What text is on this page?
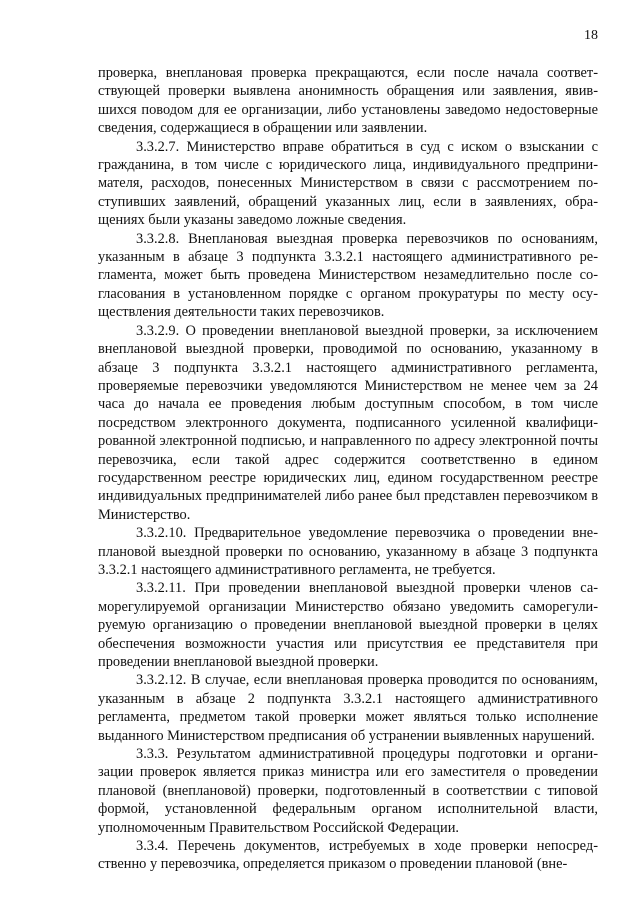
18

проверка, внеплановая проверка прекращаются, если после начала соответствующей проверки выявлена анонимность обращения или заявления, явившихся поводом для ее организации, либо установлены заведомо недостоверные сведения, содержащиеся в обращении или заявлении.

3.3.2.7. Министерство вправе обратиться в суд с иском о взыскании с гражданина, в том числе с юридического лица, индивидуального предпринимателя, расходов, понесенных Министерством в связи с рассмотрением поступивших заявлений, обращений указанных лиц, если в заявлениях, обращениях были указаны заведомо ложные сведения.

3.3.2.8. Внеплановая выездная проверка перевозчиков по основаниям, указанным в абзаце 3 подпункта 3.3.2.1 настоящего административного регламента, может быть проведена Министерством незамедлительно после согласования в установленном порядке с органом прокуратуры по месту осуществления деятельности таких перевозчиков.

3.3.2.9. О проведении внеплановой выездной проверки, за исключением внеплановой выездной проверки, проводимой по основанию, указанному в абзаце 3 подпункта 3.3.2.1 настоящего административного регламента, проверяемые перевозчики уведомляются Министерством не менее чем за 24 часа до начала ее проведения любым доступным способом, в том числе посредством электронного документа, подписанного усиленной квалифицированной электронной подписью, и направленного по адресу электронной почты перевозчика, если такой адрес содержится соответственно в едином государственном реестре юридических лиц, едином государственном реестре индивидуальных предпринимателей либо ранее был представлен перевозчиком в Министерство.

3.3.2.10. Предварительное уведомление перевозчика о проведении внеплановой выездной проверки по основанию, указанному в абзаце 3 подпункта 3.3.2.1 настоящего административного регламента, не требуется.

3.3.2.11. При проведении внеплановой выездной проверки членов саморегулируемой организации Министерство обязано уведомить саморегулируемую организацию о проведении внеплановой выездной проверки в целях обеспечения возможности участия или присутствия ее представителя при проведении внеплановой выездной проверки.

3.3.2.12. В случае, если внеплановая проверка проводится по основаниям, указанным в абзаце 2 подпункта 3.3.2.1 настоящего административного регламента, предметом такой проверки может являться только исполнение выданного Министерством предписания об устранении выявленных нарушений.

3.3.3. Результатом административной процедуры подготовки и организации проверок является приказ министра или его заместителя о проведении плановой (внеплановой) проверки, подготовленный в соответствии с типовой формой, установленной федеральным органом исполнительной власти, уполномоченным Правительством Российской Федерации.

3.3.4. Перечень документов, истребуемых в ходе проверки непосредственно у перевозчика, определяется приказом о проведении плановой (вне-
